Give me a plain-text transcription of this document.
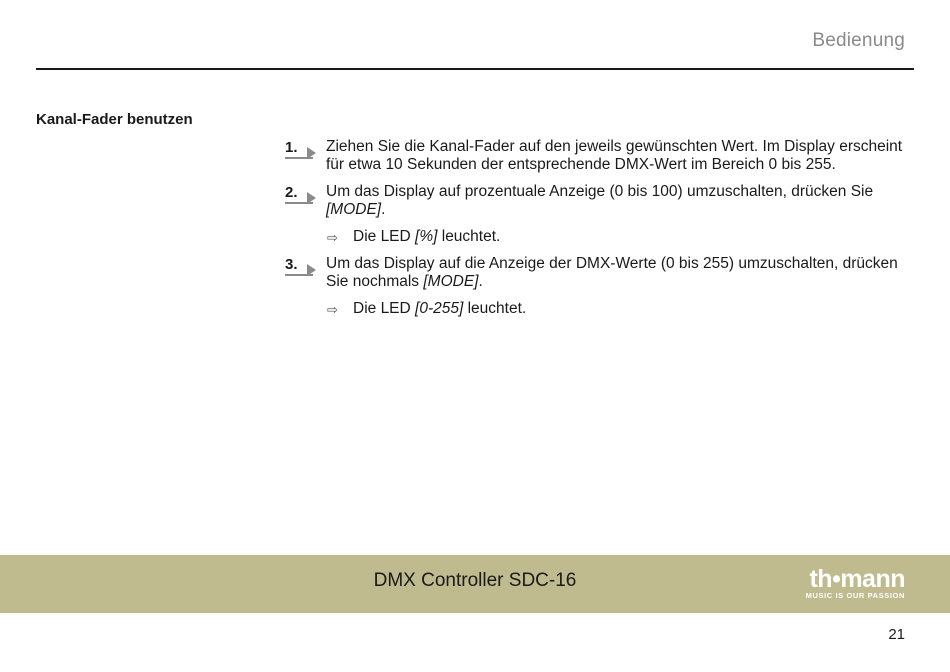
Bedienung
Kanal-Fader benutzen
1. Ziehen Sie die Kanal-Fader auf den jeweils gewünschten Wert. Im Display erscheint für etwa 10 Sekunden der entsprechende DMX-Wert im Bereich 0 bis 255.
2. Um das Display auf prozentuale Anzeige (0 bis 100) umzuschalten, drücken Sie [MODE].
⇨ Die LED [%] leuchtet.
3. Um das Display auf die Anzeige der DMX-Werte (0 bis 255) umzuschalten, drücken Sie nochmals [MODE].
⇨ Die LED [0-255] leuchtet.
DMX Controller SDC-16	th•mann
MUSIC IS OUR PASSION
21
